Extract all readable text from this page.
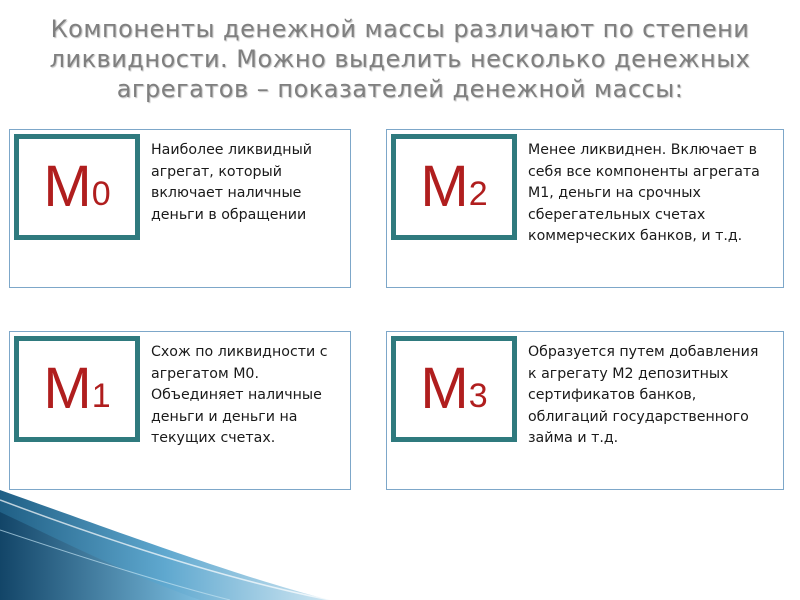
Компоненты денежной массы различают по степени ликвидности. Можно выделить несколько денежных агрегатов – показателей денежной массы:
M 0
Наиболее ликвидный агрегат, который включает наличные деньги в обращении	M 2
Менее ликвиднен. Включает в себя все компоненты агрегата М1, деньги на срочных сберегательных счетах коммерческих банков, и т.д.
M 1
Схож по ликвидности с агрегатом М0. Объединяет наличные деньги и деньги на текущих счетах.
M 3
Образуется путем добавления к агрегату М2 депозитных сертификатов банков, облигаций государственного займа и т.д.
